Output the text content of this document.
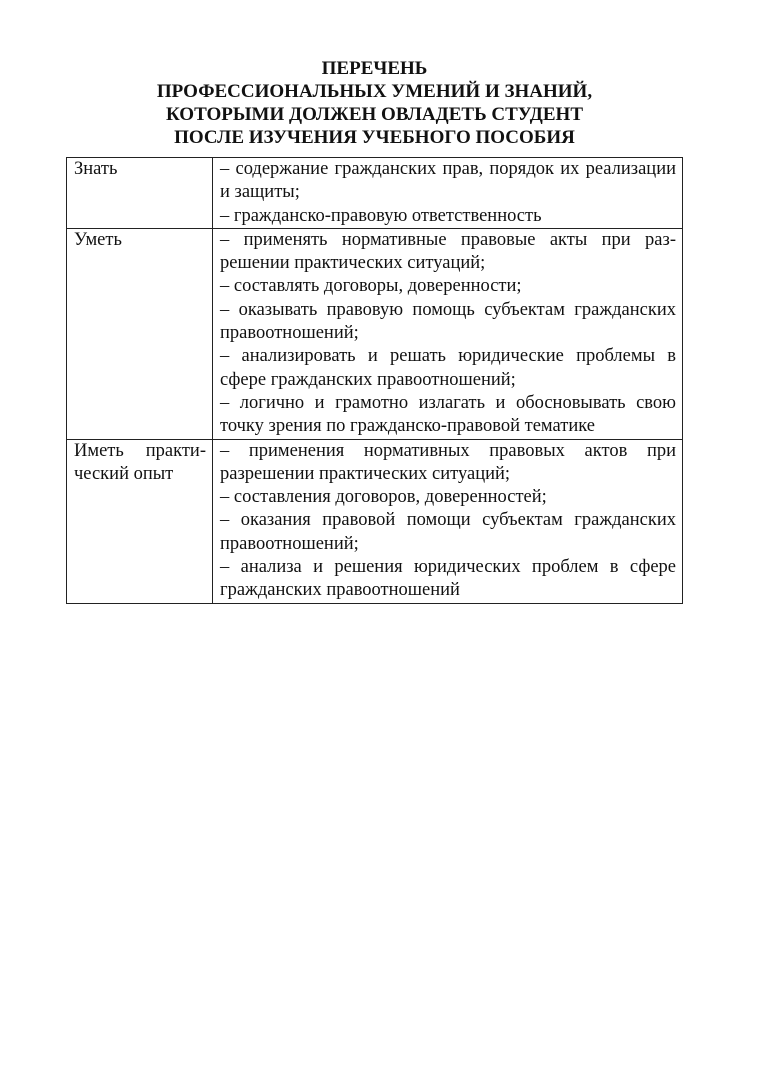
ПЕРЕЧЕНЬ
ПРОФЕССИОНАЛЬНЫХ УМЕНИЙ И ЗНАНИЙ,
КОТОРЫМИ ДОЛЖЕН ОВЛАДЕТЬ СТУДЕНТ
ПОСЛЕ ИЗУЧЕНИЯ УЧЕБНОГО ПОСОБИЯ
Знать	– содержание гражданских прав, порядок их реализации и защиты;
– гражданско-правовую ответственность

Уметь	– применять нормативные правовые акты при разрешении практических ситуаций;
– составлять договоры, доверенности;
– оказывать правовую помощь субъектам гражданских правоотношений;
– анализировать и решать юридические проблемы в сфере гражданских правоотношений;
– логично и грамотно излагать и обосновывать свою точку зрения по гражданско-правовой тематике

Иметь практический опыт	– применения нормативных правовых актов при разрешении практических ситуаций;
– составления договоров, доверенностей;
– оказания правовой помощи субъектам гражданских правоотношений;
– анализа и решения юридических проблем в сфере гражданских правоотношений
